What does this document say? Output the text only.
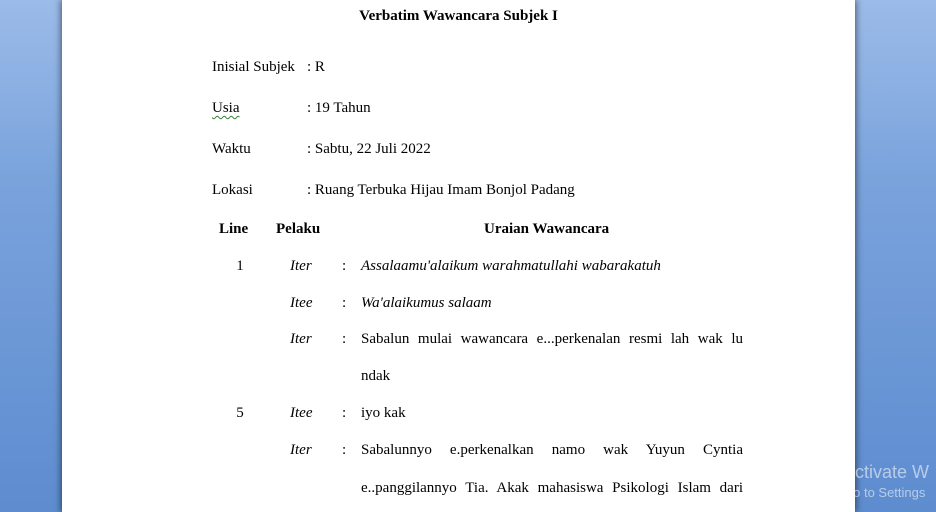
Verbatim Wawancara Subjek I
Inisial Subjek : R
Usia	: 19 Tahun
Waktu	: Sabtu, 22 Juli 2022
Lokasi	: Ruang Terbuka Hijau Imam Bonjol Padang
Line Pelaku	Uraian Wawancara
1	Iter : Assalaamu'alaikum warahmatullahi wabarakatuh
Itee : Wa'alaikumus salaam
Iter : Sabalun mulai wawancara e...perkenalan resmi lah wak lu
ndak
5	Itee : iyo kak
Iter : Sabalunnyo e.perkenalkan namo wak Yuyun Cyntia
e..panggilannyo Tia. Akak mahasiswa Psikologi Islam dari
Activate W
Go to Settings
